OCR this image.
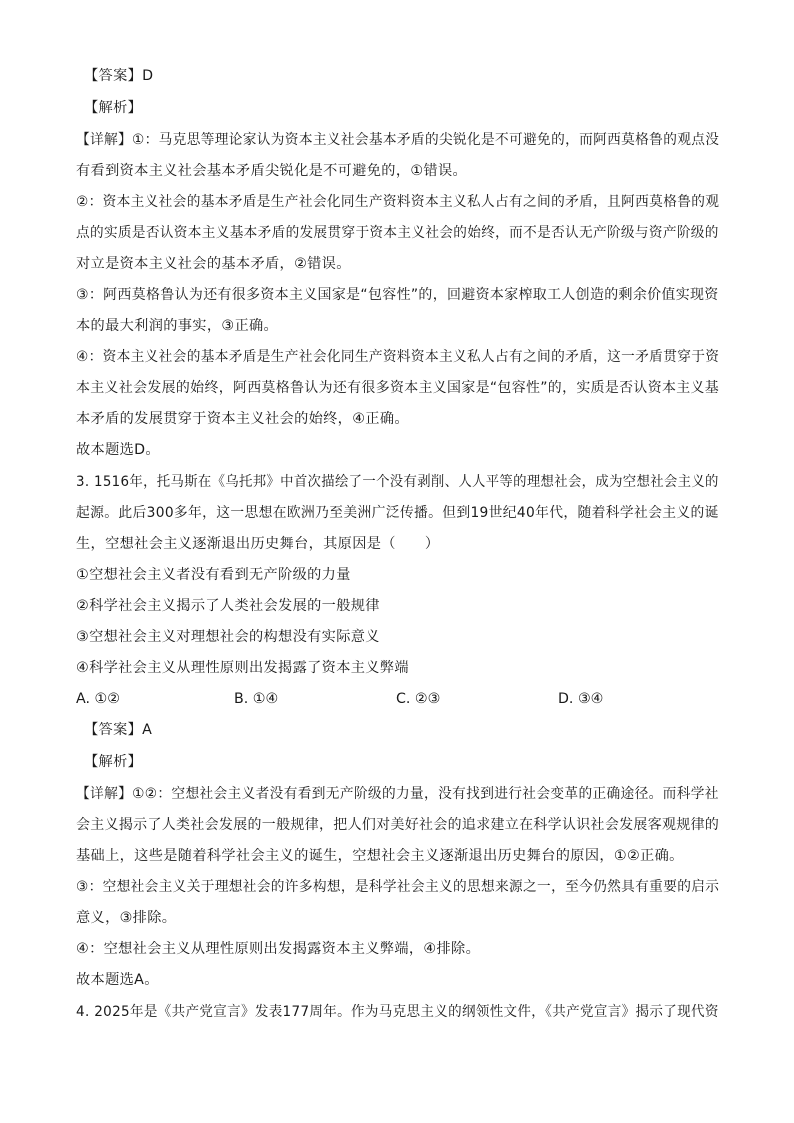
【答案】D
【解析】
【详解】①：马克思等理论家认为资本主义社会基本矛盾的尖锐化是不可避免的，而阿西莫格鲁的观点没
有看到资本主义社会基本矛盾尖锐化是不可避免的，①错误。
②：资本主义社会的基本矛盾是生产社会化同生产资料资本主义私人占有之间的矛盾，且阿西莫格鲁的观
点的实质是否认资本主义基本矛盾的发展贯穿于资本主义社会的始终，而不是否认无产阶级与资产阶级的
对立是资本主义社会的基本矛盾，②错误。
③：阿西莫格鲁认为还有很多资本主义国家是“包容性”的，回避资本家榨取工人创造的剩余价值实现资
本的最大利润的事实，③正确。
④：资本主义社会的基本矛盾是生产社会化同生产资料资本主义私人占有之间的矛盾，这一矛盾贯穿于资
本主义社会发展的始终，阿西莫格鲁认为还有很多资本主义国家是“包容性”的，实质是否认资本主义基
本矛盾的发展贯穿于资本主义社会的始终，④正确。
故本题选D。
3. 1516年，托马斯在《乌托邦》中首次描绘了一个没有剥削、人人平等的理想社会，成为空想社会主义的
起源。此后300多年，这一思想在欧洲乃至美洲广泛传播。但到19世纪40年代，随着科学社会主义的诞
生，空想社会主义逐渐退出历史舞台，其原因是（　　）
①空想社会主义者没有看到无产阶级的力量
②科学社会主义揭示了人类社会发展的一般规律
③空想社会主义对理想社会的构想没有实际意义
④科学社会主义从理性原则出发揭露了资本主义弊端
A. ①②	B. ①④	C. ②③	D. ③④
【答案】A
【解析】
【详解】①②：空想社会主义者没有看到无产阶级的力量，没有找到进行社会变革的正确途径。而科学社
会主义揭示了人类社会发展的一般规律，把人们对美好社会的追求建立在科学认识社会发展客观规律的
基础上，这些是随着科学社会主义的诞生，空想社会主义逐渐退出历史舞台的原因，①②正确。
③：空想社会主义关于理想社会的许多构想，是科学社会主义的思想来源之一，至今仍然具有重要的启示
意义，③排除。
④：空想社会主义从理性原则出发揭露资本主义弊端，④排除。
故本题选A。
4. 2025年是《共产党宣言》发表177周年。作为马克思主义的纲领性文件，《共产党宣言》揭示了现代资
